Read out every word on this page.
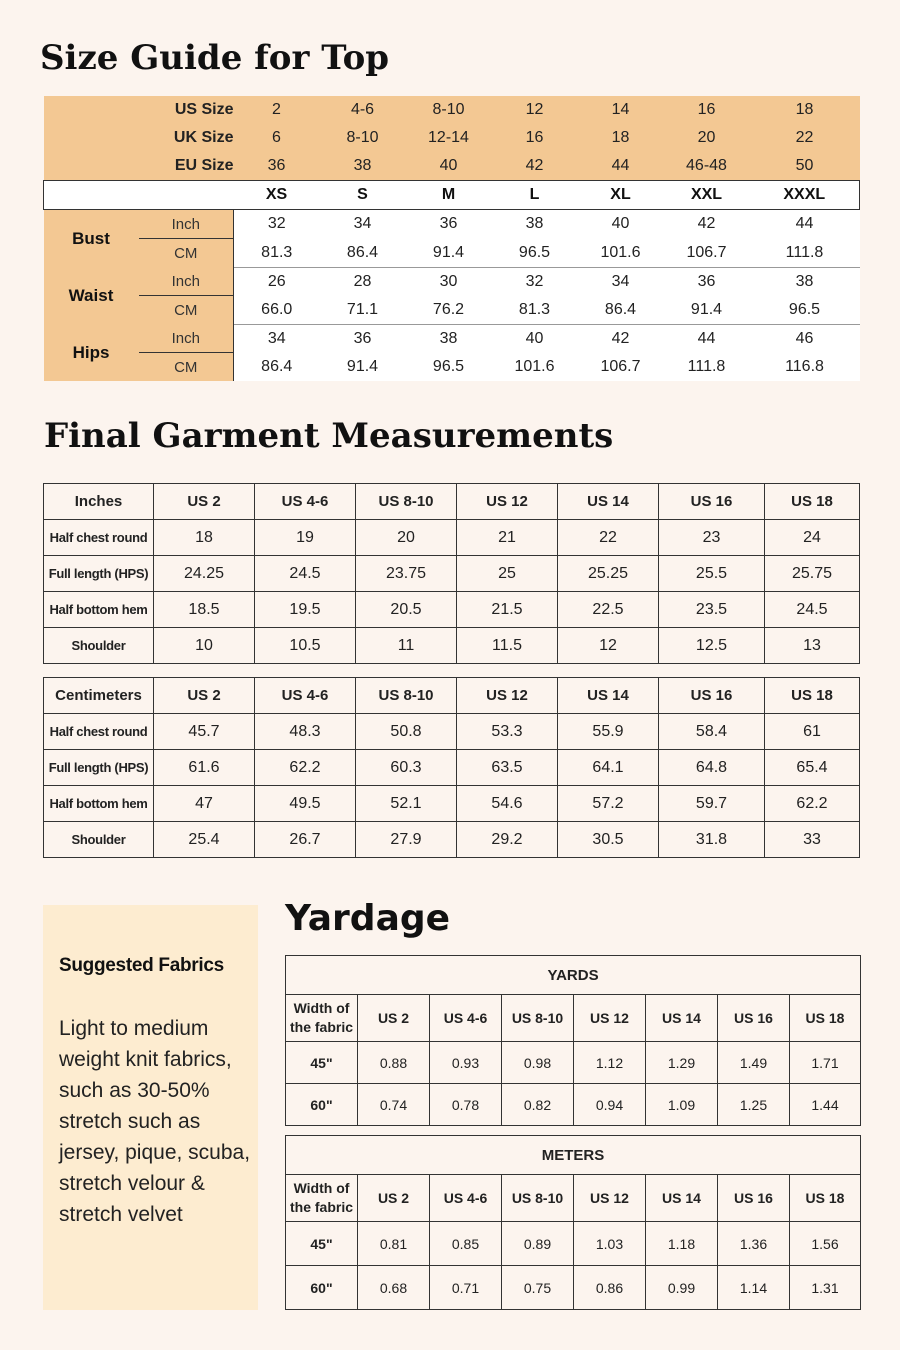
Size Guide for Top
US Size		2	4-6	8-10	12	14	16	18
UK Size		6	8-10	12-14	16	18	20	22
EU Size		36	38	40	42	44	46-48	50
		XS	S	M	L	XL	XXL	XXXL
Bust	Inch	32	34	36	38	40	42	44
	CM	81.3	86.4	91.4	96.5	101.6	106.7	111.8
Waist	Inch	26	28	30	32	34	36	38
	CM	66.0	71.1	76.2	81.3	86.4	91.4	96.5
Hips	Inch	34	36	38	40	42	44	46
	CM	86.4	91.4	96.5	101.6	106.7	111.8	116.8
Final Garment Measurements
Inches	US 2	US 4-6	US 8-10	US 12	US 14	US 16	US 18
Half chest round	18	19	20	21	22	23	24
Full length (HPS)	24.25	24.5	23.75	25	25.25	25.5	25.75
Half bottom hem	18.5	19.5	20.5	21.5	22.5	23.5	24.5
Shoulder	10	10.5	11	11.5	12	12.5	13
Centimeters	US 2	US 4-6	US 8-10	US 12	US 14	US 16	US 18
Half chest round	45.7	48.3	50.8	53.3	55.9	58.4	61
Full length (HPS)	61.6	62.2	60.3	63.5	64.1	64.8	65.4
Half bottom hem	47	49.5	52.1	54.6	57.2	59.7	62.2
Shoulder	25.4	26.7	27.9	29.2	30.5	31.8	33
Suggested Fabrics
Light to medium weight knit fabrics, such as 30-50% stretch such as jersey, pique, scuba, stretch velour & stretch velvet
Yardage
YARDS							
Width of the fabric	US 2	US 4-6	US 8-10	US 12	US 14	US 16	US 18
45"	0.88	0.93	0.98	1.12	1.29	1.49	1.71
60"	0.74	0.78	0.82	0.94	1.09	1.25	1.44
METERS							
Width of the fabric	US 2	US 4-6	US 8-10	US 12	US 14	US 16	US 18
45"	0.81	0.85	0.89	1.03	1.18	1.36	1.56
60"	0.68	0.71	0.75	0.86	0.99	1.14	1.31
